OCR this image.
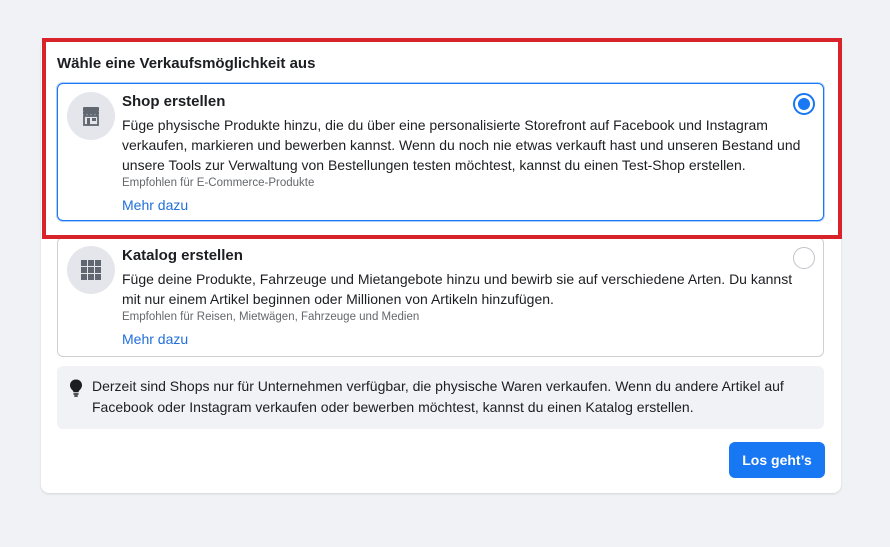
Wähle eine Verkaufsmöglichkeit aus
Shop erstellen
Füge physische Produkte hinzu, die du über eine personalisierte Storefront auf Facebook und Instagram verkaufen, markieren und bewerben kannst. Wenn du noch nie etwas verkauft hast und unseren Bestand und unsere Tools zur Verwaltung von Bestellungen testen möchtest, kannst du einen Test-Shop erstellen.
Empfohlen für E-Commerce-Produkte
Mehr dazu
Katalog erstellen
Füge deine Produkte, Fahrzeuge und Mietangebote hinzu und bewirb sie auf verschiedene Arten. Du kannst mit nur einem Artikel beginnen oder Millionen von Artikeln hinzufügen.
Empfohlen für Reisen, Mietwägen, Fahrzeuge und Medien
Mehr dazu
Derzeit sind Shops nur für Unternehmen verfügbar, die physische Waren verkaufen. Wenn du andere Artikel auf Facebook oder Instagram verkaufen oder bewerben möchtest, kannst du einen Katalog erstellen.
Los geht’s
